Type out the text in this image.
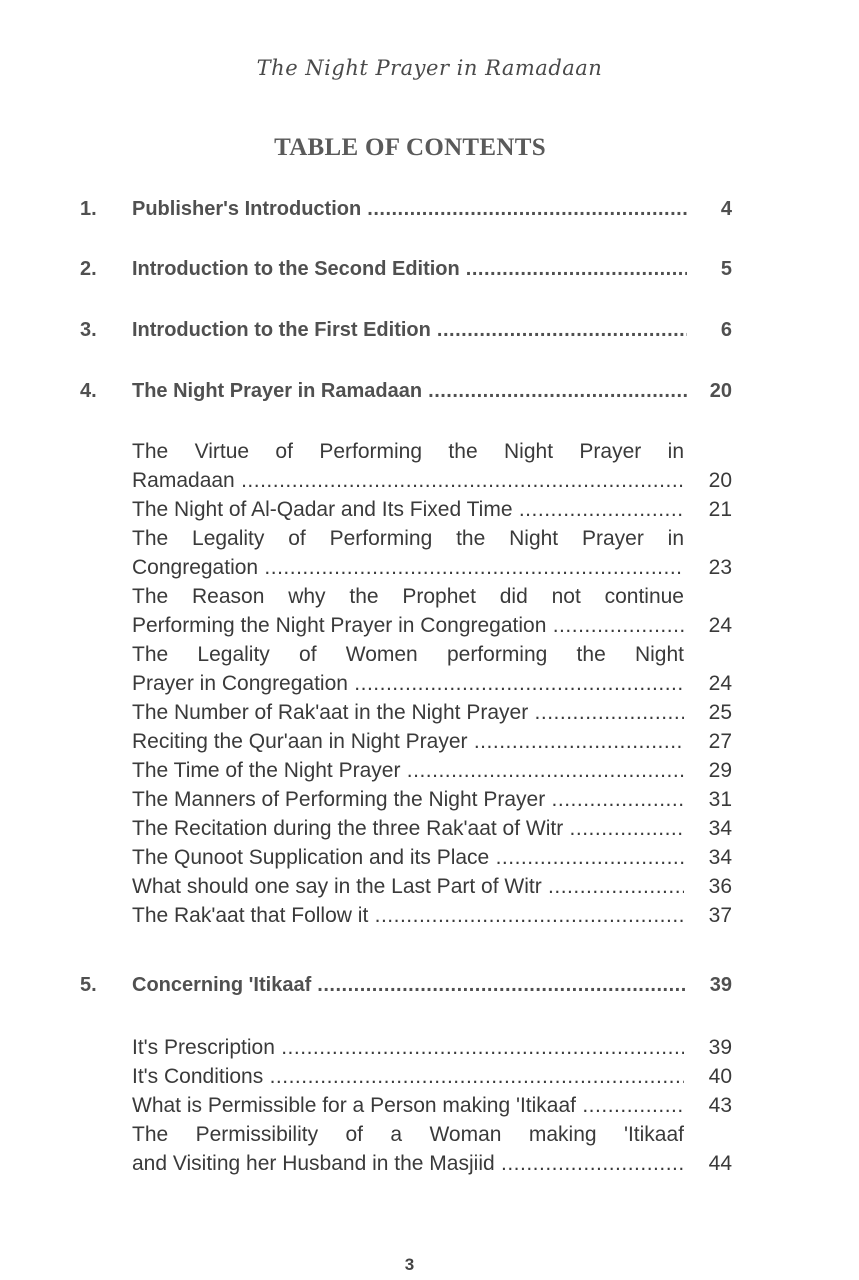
The Night Prayer in Ramadaan
TABLE OF CONTENTS
1. Publisher's Introduction .....	4
2. Introduction to the Second Edition .....	5
3. Introduction to the First Edition .....	6
4. The Night Prayer in Ramadaan .....	20
The Virtue of Performing the Night Prayer in
Ramadaan .....	20
The Night of Al-Qadar and Its Fixed Time .....	21
The Legality of Performing the Night Prayer in
Congregation .....	23
The Reason why the Prophet did not continue
Performing the Night Prayer in Congregation .....	24
The Legality of Women performing the Night
Prayer in Congregation .....	24
The Number of Rak'aat in the Night Prayer .....	25
Reciting the Qur'aan in Night Prayer .....	27
The Time of the Night Prayer .....	29
The Manners of Performing the Night Prayer .....	31
The Recitation during the three Rak'aat of Witr .....	34
The Qunoot Supplication and its Place .....	34
What should one say in the Last Part of Witr .....	36
The Rak'aat that Follow it .....	37
5. Concerning 'Itikaaf .....	39
It's Prescription .....	39
It's Conditions .....	40
What is Permissible for a Person making 'Itikaaf .....	43
The Permissibility of a Woman making 'Itikaaf
and Visiting her Husband in the Masjiid .....	44
3
